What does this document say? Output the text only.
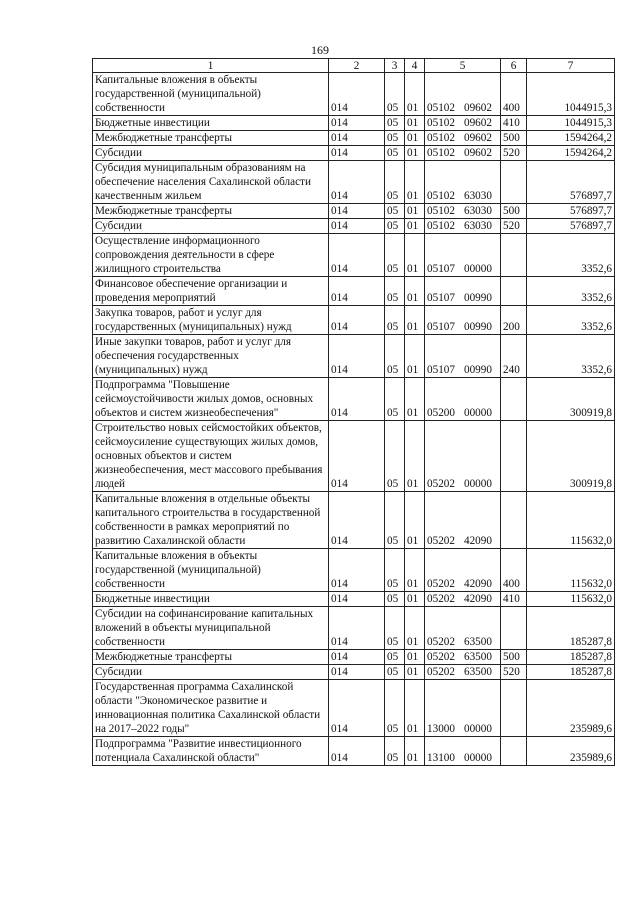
169
1	2	3	4	5	6	7
Капитальные вложения в объекты государственной (муниципальной) собственности	014	05	01	05102 09602	400	1044915,3
Бюджетные инвестиции	014	05	01	05102 09602	410	1044915,3
Межбюджетные трансферты	014	05	01	05102 09602	500	1594264,2
Субсидии	014	05	01	05102 09602	520	1594264,2
Субсидия муниципальным образованиям на обеспечение населения Сахалинской области качественным жильем	014	05	01	05102 63030		576897,7
Межбюджетные трансферты	014	05	01	05102 63030	500	576897,7
Субсидии	014	05	01	05102 63030	520	576897,7
Осуществление информационного сопровождения деятельности в сфере жилищного строительства	014	05	01	05107 00000		3352,6
Финансовое обеспечение организации и проведения мероприятий	014	05	01	05107 00990		3352,6
Закупка товаров, работ и услуг для государственных (муниципальных) нужд	014	05	01	05107 00990	200	3352,6
Иные закупки товаров, работ и услуг для обеспечения государственных (муниципальных) нужд	014	05	01	05107 00990	240	3352,6
Подпрограмма "Повышение сейсмоустойчивости жилых домов, основных объектов и систем жизнеобеспечения"	014	05	01	05200 00000		300919,8
Строительство новых сейсмостойких объектов, сейсмоусиление существующих жилых домов, основных объектов и систем жизнеобеспечения, мест массового пребывания людей	014	05	01	05202 00000		300919,8
Капитальные вложения в отдельные объекты капитального строительства в государственной собственности в рамках мероприятий по развитию Сахалинской области	014	05	01	05202 42090		115632,0
Капитальные вложения в объекты государственной (муниципальной) собственности	014	05	01	05202 42090	400	115632,0
Бюджетные инвестиции	014	05	01	05202 42090	410	115632,0
Субсидии на софинансирование капитальных вложений в объекты муниципальной собственности	014	05	01	05202 63500		185287,8
Межбюджетные трансферты	014	05	01	05202 63500	500	185287,8
Субсидии	014	05	01	05202 63500	520	185287,8
Государственная программа Сахалинской области "Экономическое развитие и инновационная политика Сахалинской области на 2017–2022 годы"	014	05	01	13000 00000		235989,6
Подпрограмма "Развитие инвестиционного потенциала Сахалинской области"	014	05	01	13100 00000		235989,6
